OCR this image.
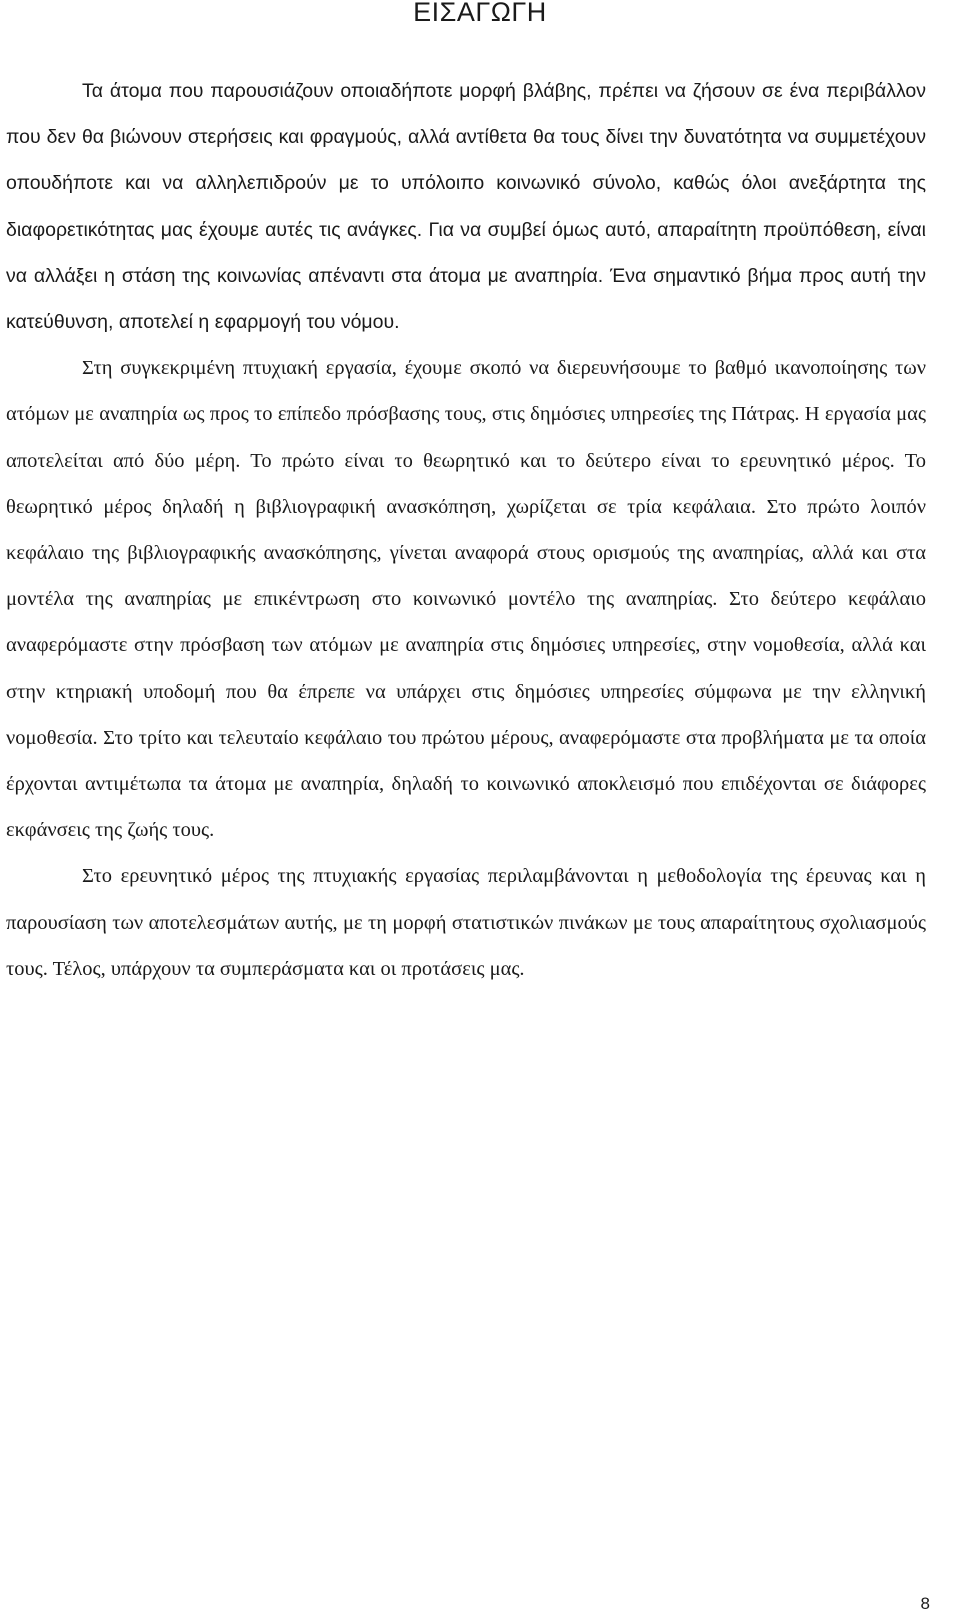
ΕΙΣΑΓΩΓΗ

Τα άτομα που παρουσιάζουν οποιαδήποτε μορφή βλάβης, πρέπει να ζήσουν σε ένα περιβάλλον που δεν θα βιώνουν στερήσεις και φραγμούς, αλλά αντίθετα θα τους δίνει την δυνατότητα να συμμετέχουν οπουδήποτε και να αλληλεπιδρούν με το υπόλοιπο κοινωνικό σύνολο, καθώς όλοι ανεξάρτητα της διαφορετικότητας μας έχουμε αυτές τις ανάγκες. Για να συμβεί όμως αυτό, απαραίτητη προϋπόθεση, είναι να αλλάξει η στάση της κοινωνίας απέναντι στα άτομα με αναπηρία. Ένα σημαντικό βήμα προς αυτή την κατεύθυνση, αποτελεί η εφαρμογή του νόμου.

Στη συγκεκριμένη πτυχιακή εργασία, έχουμε σκοπό να διερευνήσουμε το βαθμό ικανοποίησης των ατόμων με αναπηρία ως προς το επίπεδο πρόσβασης τους, στις δημόσιες υπηρεσίες της Πάτρας. Η εργασία μας αποτελείται από δύο μέρη. Το πρώτο είναι το θεωρητικό και το δεύτερο είναι το ερευνητικό μέρος. Το θεωρητικό μέρος δηλαδή η βιβλιογραφική ανασκόπηση, χωρίζεται σε τρία κεφάλαια. Στο πρώτο λοιπόν κεφάλαιο της βιβλιογραφικής ανασκόπησης, γίνεται αναφορά στους ορισμούς της αναπηρίας, αλλά και στα μοντέλα της αναπηρίας με επικέντρωση στο κοινωνικό μοντέλο της αναπηρίας. Στο δεύτερο κεφάλαιο αναφερόμαστε στην πρόσβαση των ατόμων με αναπηρία στις δημόσιες υπηρεσίες, στην νομοθεσία, αλλά και στην κτηριακή υποδομή που θα έπρεπε να υπάρχει στις δημόσιες υπηρεσίες σύμφωνα με την ελληνική νομοθεσία. Στο τρίτο και τελευταίο κεφάλαιο του πρώτου μέρους, αναφερόμαστε στα προβλήματα με τα οποία έρχονται αντιμέτωπα τα άτομα με αναπηρία, δηλαδή το κοινωνικό αποκλεισμό που επιδέχονται σε διάφορες εκφάνσεις της ζωής τους.

Στο ερευνητικό μέρος της πτυχιακής εργασίας περιλαμβάνονται η μεθοδολογία της έρευνας και η παρουσίαση των αποτελεσμάτων αυτής, με τη μορφή στατιστικών πινάκων με τους απαραίτητους σχολιασμούς τους. Τέλος, υπάρχουν τα συμπεράσματα και οι προτάσεις μας.

8
